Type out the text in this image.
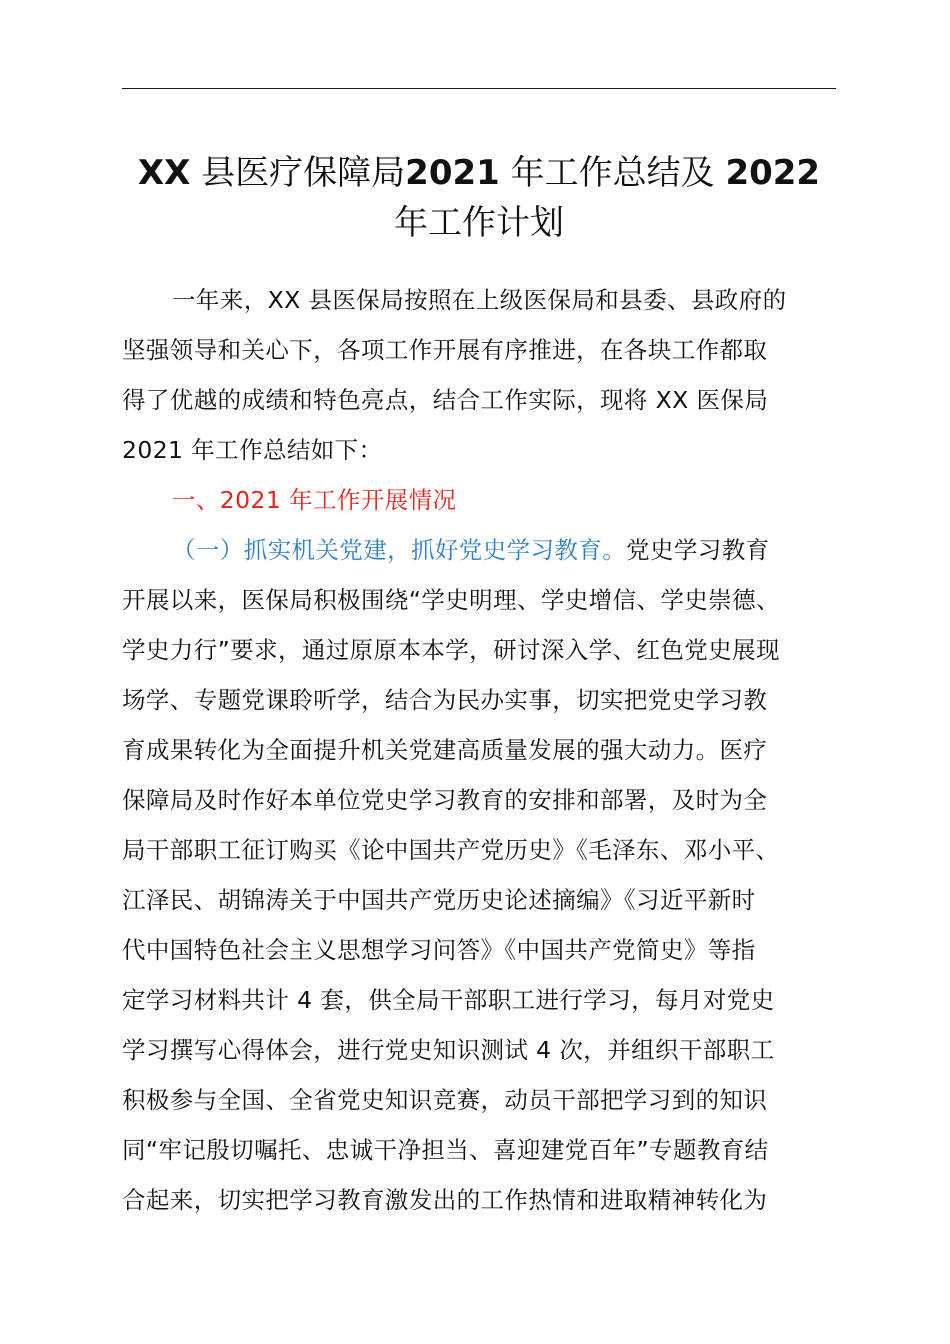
XX 县医疗保障局2021 年工作总结及 2022
年工作计划
一年来，XX 县医保局按照在上级医保局和县委、县政府的
坚强领导和关心下，各项工作开展有序推进，在各块工作都取
得了优越的成绩和特色亮点，结合工作实际，现将 XX 医保局
2021 年工作总结如下：
一、2021 年工作开展情况
（一）抓实机关党建，抓好党史学习教育。党史学习教育
开展以来，医保局积极围绕“学史明理、学史增信、学史崇德、
学史力行”要求，通过原原本本学，研讨深入学、红色党史展现
场学、专题党课聆听学，结合为民办实事，切实把党史学习教
育成果转化为全面提升机关党建高质量发展的强大动力。医疗
保障局及时作好本单位党史学习教育的安排和部署，及时为全
局干部职工征订购买《论中国共产党历史》《毛泽东、邓小平、
江泽民、胡锦涛关于中国共产党历史论述摘编》《习近平新时
代中国特色社会主义思想学习问答》《中国共产党简史》等指
定学习材料共计 4 套，供全局干部职工进行学习，每月对党史
学习撰写心得体会，进行党史知识测试 4 次，并组织干部职工
积极参与全国、全省党史知识竞赛，动员干部把学习到的知识
同“牢记殷切嘱托、忠诚干净担当、喜迎建党百年”专题教育结
合起来，切实把学习教育激发出的工作热情和进取精神转化为
